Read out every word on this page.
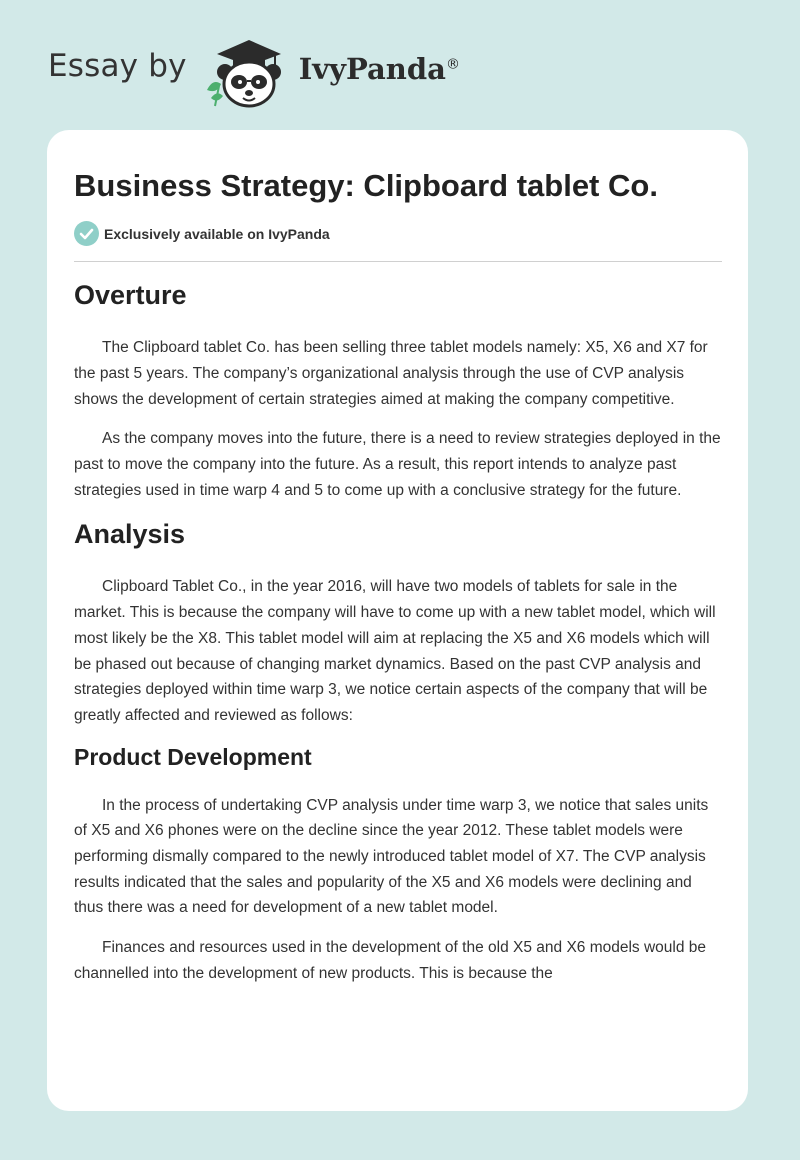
Essay by	IvyPanda®
Business Strategy: Clipboard tablet Co.
Exclusively available on IvyPanda
Overture

The Clipboard tablet Co. has been selling three tablet models namely: X5, X6 and X7 for the past 5 years. The company’s organizational analysis through the use of CVP analysis shows the development of certain strategies aimed at making the company competitive.

As the company moves into the future, there is a need to review strategies deployed in the past to move the company into the future. As a result, this report intends to analyze past strategies used in time warp 4 and 5 to come up with a conclusive strategy for the future.

Analysis

Clipboard Tablet Co., in the year 2016, will have two models of tablets for sale in the market. This is because the company will have to come up with a new tablet model, which will most likely be the X8. This tablet model will aim at replacing the X5 and X6 models which will be phased out because of changing market dynamics. Based on the past CVP analysis and strategies deployed within time warp 3, we notice certain aspects of the company that will be greatly affected and reviewed as follows:

Product Development

In the process of undertaking CVP analysis under time warp 3, we notice that sales units of X5 and X6 phones were on the decline since the year 2012. These tablet models were performing dismally compared to the newly introduced tablet model of X7. The CVP analysis results indicated that the sales and popularity of the X5 and X6 models were declining and thus there was a need for development of a new tablet model.

Finances and resources used in the development of the old X5 and X6 models would be channelled into the development of new products. This is because the
